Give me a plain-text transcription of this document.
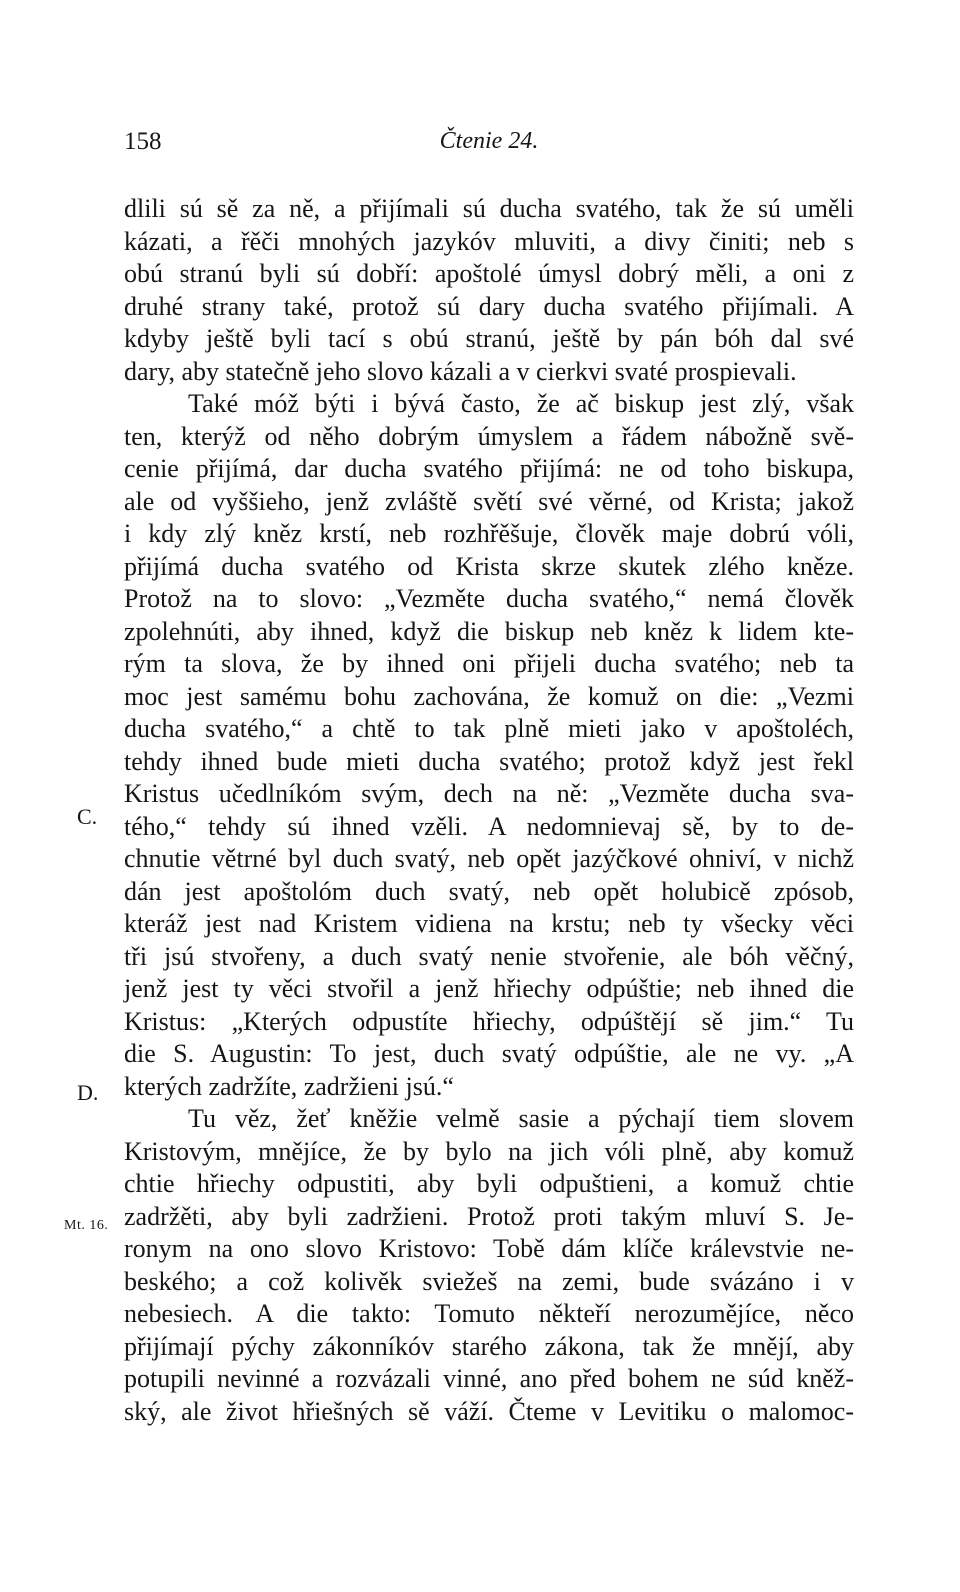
158	Čtenie 24.
C.
D.
Mt. 16.
dlili sú sě za ně, a přijímali sú ducha svatého, tak že sú uměli
kázati, a řěči mnohých jazykóv mluviti, a divy činiti; neb s
obú stranú byli sú dobří: apoštolé úmysl dobrý měli, a oni z
druhé strany také, protož sú dary ducha svatého přijímali. A
kdyby ještě byli tací s obú stranú, ještě by pán bóh dal své
dary, aby statečně jeho slovo kázali a v cierkvi svaté prospievali.
Také móž býti i bývá často, že ač biskup jest zlý, však
ten, kterýž od něho dobrým úmyslem a řádem nábožně svě-
cenie přijímá, dar ducha svatého přijímá: ne od toho biskupa,
ale od vyššieho, jenž zvláště světí své věrné, od Krista; jakož
i kdy zlý kněz krstí, neb rozhřěšuje, člověk maje dobrú vóli,
přijímá ducha svatého od Krista skrze skutek zlého kněze.
Protož na to slovo: „Vezměte ducha svatého,“ nemá člověk
zpolehnúti, aby ihned, když die biskup neb kněz k lidem kte-
rým ta slova, že by ihned oni přijeli ducha svatého; neb ta
moc jest samému bohu zachována, že komuž on die: „Vezmi
ducha svatého,“ a chtě to tak plně mieti jako v apoštoléch,
tehdy ihned bude mieti ducha svatého; protož když jest řekl
Kristus učedlníkóm svým, dech na ně: „Vezměte ducha sva-
tého,“ tehdy sú ihned vzěli. A nedomnievaj sě, by to de-
chnutie větrné byl duch svatý, neb opět jazýčkové ohniví, v nichž
dán jest apoštolóm duch svatý, neb opět holubicě zpósob,
kteráž jest nad Kristem vidiena na krstu; neb ty všecky věci
tři jsú stvořeny, a duch svatý nenie stvořenie, ale bóh věčný,
jenž jest ty věci stvořil a jenž hřiechy odpúštie; neb ihned die
Kristus: „Kterých odpustíte hřiechy, odpúštějí sě jim.“ Tu
die S. Augustin: To jest, duch svatý odpúštie, ale ne vy. „A
kterých zadržíte, zadržieni jsú.“
Tu věz, žeť kněžie velmě sasie a pýchají tiem slovem
Kristovým, mnějíce, že by bylo na jich vóli plně, aby komuž
chtie hřiechy odpustiti, aby byli odpuštieni, a komuž chtie
zadržěti, aby byli zadržieni. Protož proti takým mluví S. Je-
ronym na ono slovo Kristovo: Tobě dám klíče králevstvie ne-
beského; a což kolivěk sviežeš na zemi, bude svázáno i v
nebesiech. A die takto: Tomuto někteří nerozumějíce, něco
přijímají pýchy zákonníkóv starého zákona, tak že mnějí, aby
potupili nevinné a rozvázali vinné, ano před bohem ne súd kněž-
ský, ale život hřiešných sě váží. Čteme v Levitiku o malomoc-
